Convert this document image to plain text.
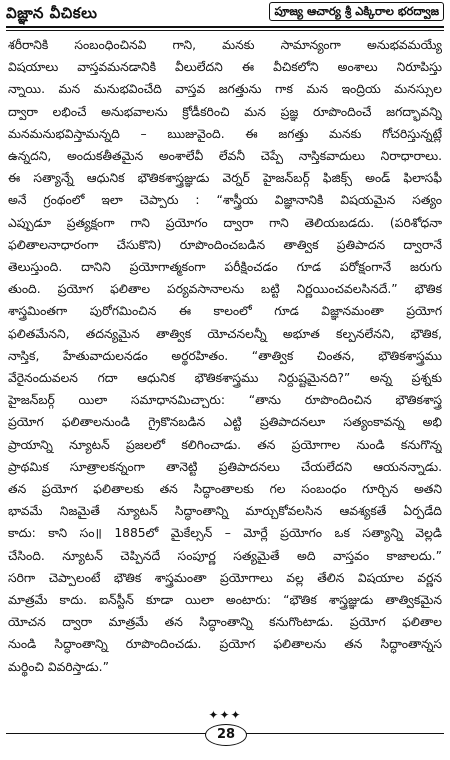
విజ్ఞాన వీచికలు	పూజ్య ఆచార్య శ్రీ ఎక్కిరాల భరద్వాజ
శరీరానికి సంబంధించినవి గాని, మనకు సామాన్యంగా అనుభవమయ్యే
విషయాలు వాస్తవమనడానికి వీలులేదని ఈ వీచికలోని అంశాలు నిరూపిస్తు
న్నాయి. మన మనుభవించేది వాస్తవ జగత్తును గాక మన ఇంద్రియ మనస్సుల
ద్వారా లభించే అనుభవాలను క్రోడీకరించి మన ప్రజ్ఞ రూపొందించే జగద్భావన్ని
మనమనుభవిస్తామన్నది – ఋజువైంది. ఈ జగత్తు మనకు గోచరిస్తున్నట్లే
ఉన్నదని, అందుకతీతమైన అంశాలేవీ లేవనీ చెప్పే నాస్తికవాదులు నిరాధారాలు.
ఈ సత్యాన్నే ఆధునిక భౌతికశాస్త్రజ్ఞుడు వెర్నర్ హైజన్‌బర్గ్ ఫిజిక్స్ అండ్ ఫిలాసఫీ
అనే గ్రంథంలో ఇలా చెప్పారు : “శాస్త్రీయ విజ్ఞానానికి విషయమైన సత్యం
ఎప్పుడూ ప్రత్యక్షంగా గాని ప్రయోగం ద్వారా గాని తెలియబడదు. (పరిశోధనా
ఫలితాలనాధారంగా చేసుకొని) రూపొందించబడిన తాత్విక ప్రతిపాదన ద్వారానే
తెలుస్తుంది. దానిని ప్రయోగాత్మకంగా పరీక్షించడం గూడ పరోక్షంగానే జరుగు
తుంది. ప్రయోగ ఫలితాల పర్యవసానాలను బట్టి నిర్ణయించవలసినదే.” భౌతిక
శాస్త్రమింతగా పురోగమించిన ఈ కాలంలో గూడ విజ్ఞానమంతా ప్రయోగ
ఫలితమేనని, తదన్యమైన తాత్విక యోచనలన్నీ అభూత కల్పనలేనని, భౌతిక,
నాస్తిక, హేతువాదులనడం అర్థరహితం. “తాత్విక చింతన, భౌతికశాస్త్రము
వేరైనందువలన గదా ఆధునిక భౌతికశాస్త్రము నిర్దుష్టమైనది?” అన్న ప్రశ్నకు
హైజన్‌బర్గ్ యిలా సమాధానమిచ్చారు: “తాను రూపొందించిన భౌతికశాస్త్ర
ప్రయోగ ఫలితాలనుండి గ్రైకొనబడిన ఎట్టి ప్రతిపాదనలూ సత్యంకావన్న అభి
ప్రాయాన్ని న్యూటన్ ప్రజలలో కలిగించాడు. తన ప్రయోగాల నుండి కనుగొన్న
ప్రాథమిక సూత్రాలకన్నంగా తానెట్టి ప్రతిపాదనలు చేయలేదని ఆయనన్నాడు.
తన ప్రయోగ ఫలితాలకు తన సిద్ధాంతాలకు గల సంబంధం గూర్చిన అతని
భావమే నిజమైతే న్యూటన్ సిద్ధాంతాన్ని మార్చుకోవలసిన ఆవశ్యకతే ఏర్పడేది
కాదు: కాని సం॥ 1885లో మైకేల్సన్ – మోర్లే ప్రయోగం ఒక సత్యాన్ని వెల్లడి
చేసింది. న్యూటన్ చెప్పినదే సంపూర్ణ సత్యమైతే అది వాస్తవం కాజాలదు.”
సరిగా చెప్పాలంటే భౌతిక శాస్త్రమంతా ప్రయోగాలు వల్ల తేలిన విషయాల వర్ణన
మాత్రమే కాదు. ఐన్‌స్టీన్ కూడా యిలా అంటారు: “భౌతిక శాస్త్రజ్ఞుడు తాత్వికమైన
యోచన ద్వారా మాత్రమే తన సిద్ధాంతాన్ని కనుగొంటాడు. ప్రయోగ ఫలితాల
నుండి సిద్ధాంతాన్ని రూపొందించడు. ప్రయోగ ఫలితాలను తన సిద్ధాంతాన్నస
మర్థించి వివరిస్తాడు.”
✦✦✦
28
